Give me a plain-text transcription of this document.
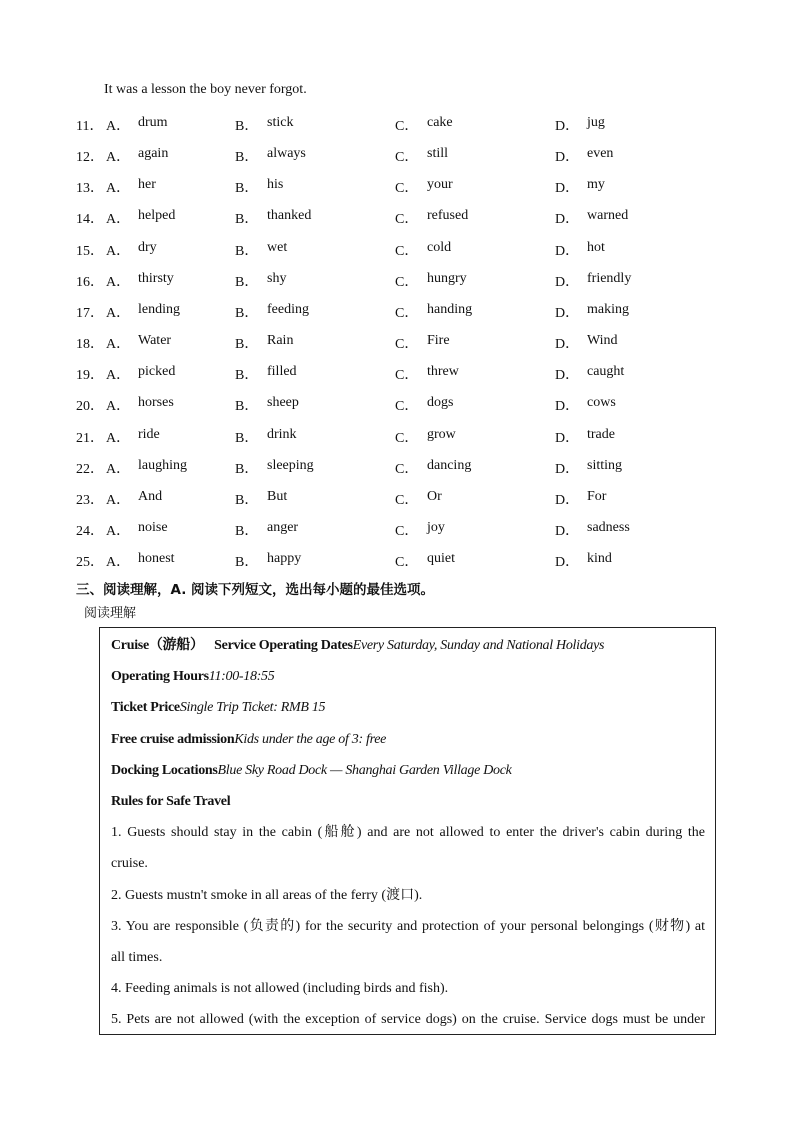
It was a lesson the boy never forgot.
11． A． drum	B． stick	C． cake	D． jug
12． A． again	B． always	C． still	D． even
13． A． her	B． his	C． your	D． my
14． A． helped	B． thanked	C． refused	D． warned
15． A． dry	B． wet	C． cold	D． hot
16． A． thirsty	B． shy	C． hungry	D． friendly
17． A． lending	B． feeding	C． handing	D． making
18． A． Water	B． Rain	C． Fire	D． Wind
19． A． picked	B． filled	C． threw	D． caught
20． A． horses	B． sheep	C． dogs	D． cows
21． A． ride	B． drink	C． grow	D． trade
22． A． laughing	B． sleeping	C． dancing	D． sitting
23． A． And	B． But	C． Or	D． For
24． A． noise	B． anger	C． joy	D． sadness
25． A． honest	B． happy	C． quiet	D． kind
三、阅读理解，A. 阅读下列短文，选出每小题的最佳选项。
阅读理解
Cruise（游船） Service Operating DatesEvery Saturday, Sunday and National Holidays
Operating Hours11:00-18:55
Ticket PriceSingle Trip Ticket: RMB 15
Free cruise admissionKids under the age of 3: free
Docking LocationsBlue Sky Road Dock — Shanghai Garden Village Dock
Rules for Safe Travel
1. Guests should stay in the cabin (船舱) and are not allowed to enter the driver's cabin during the
cruise.
2. Guests mustn't smoke in all areas of the ferry (渡口).
3. You are responsible (负责的) for the security and protection of your personal belongings (财物) at
all times.
4. Feeding animals is not allowed (including birds and fish).
5. Pets are not allowed (with the exception of service dogs) on the cruise. Service dogs must be under
